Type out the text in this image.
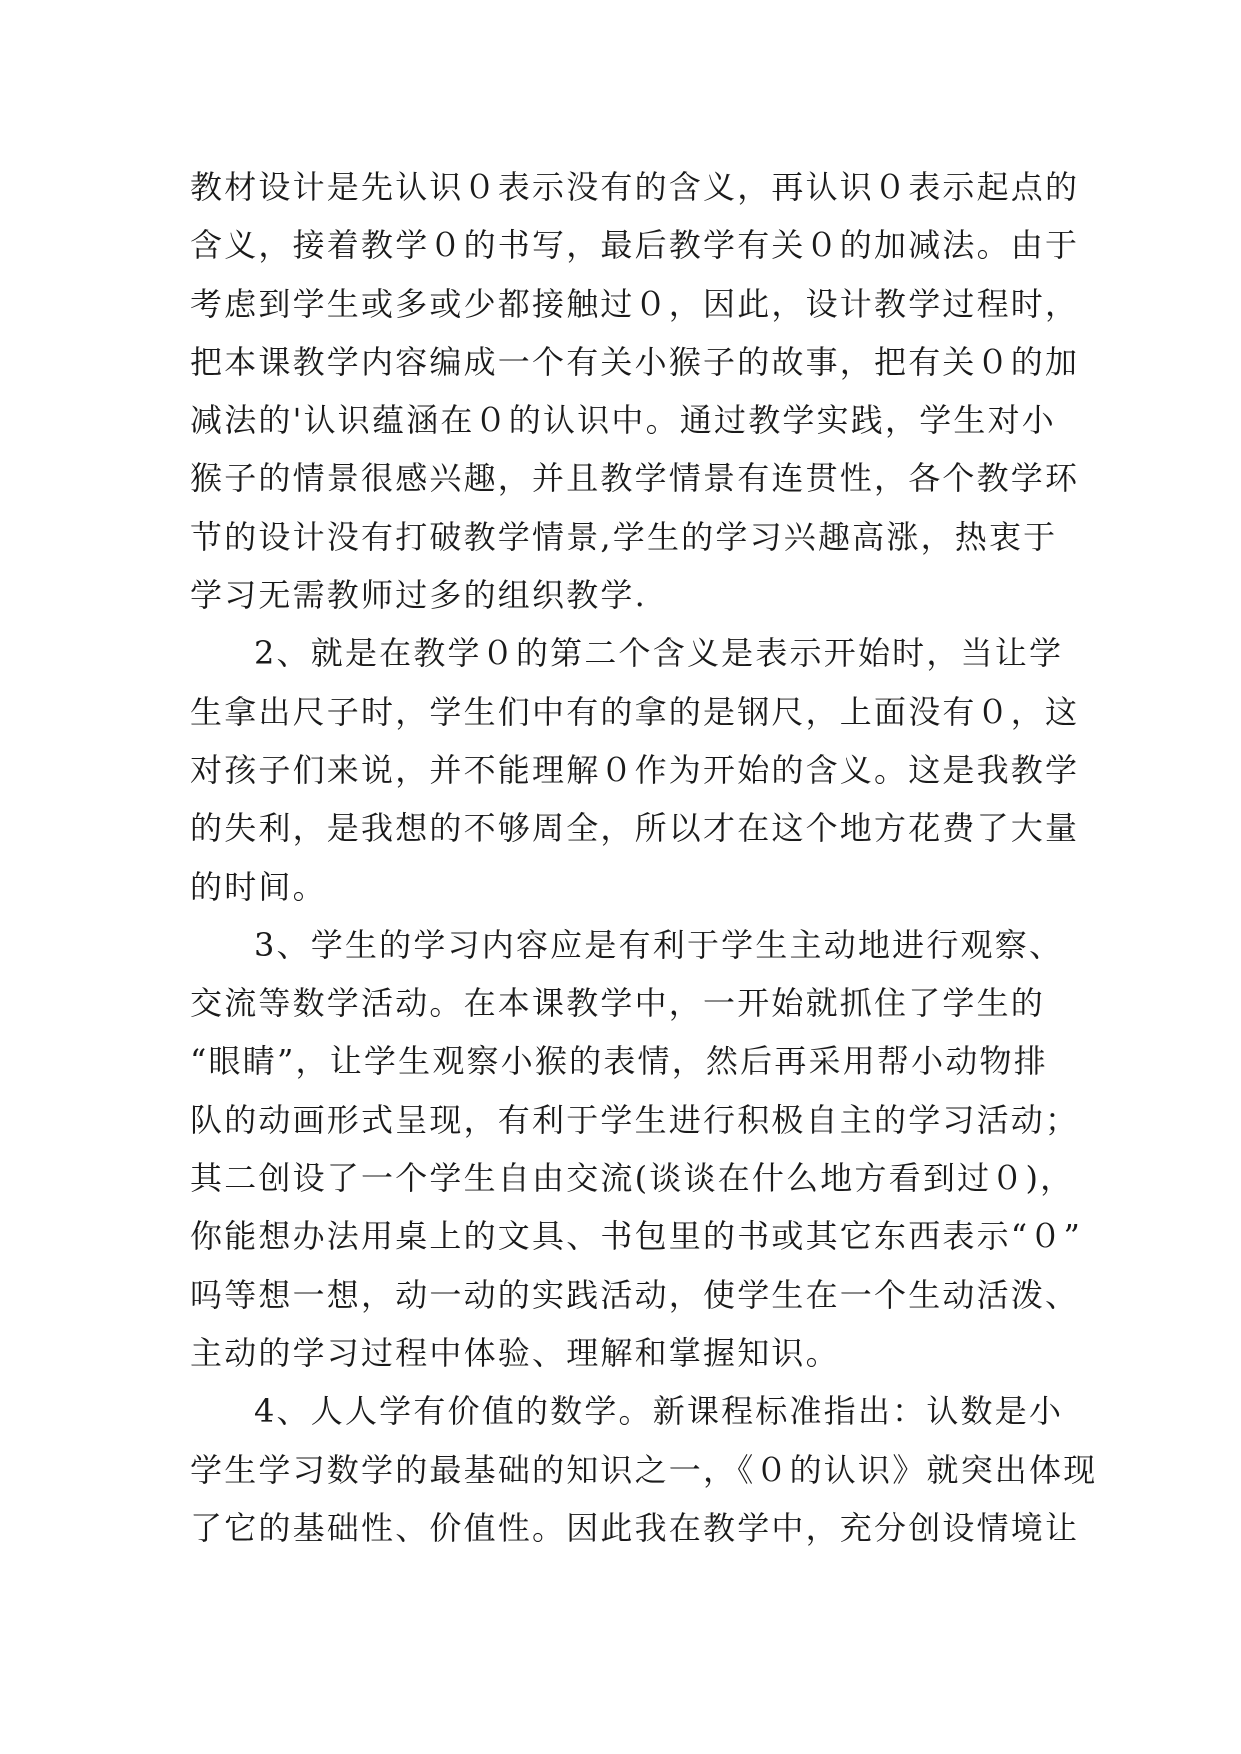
教材设计是先认识０表示没有的含义，再认识０表示起点的
含义，接着教学０的书写，最后教学有关０的加减法。由于
考虑到学生或多或少都接触过０，因此，设计教学过程时，
把本课教学内容编成一个有关小猴子的故事，把有关０的加
减法的'认识蕴涵在０的认识中。通过教学实践，学生对小
猴子的情景很感兴趣，并且教学情景有连贯性，各个教学环
节的设计没有打破教学情景,学生的学习兴趣高涨，热衷于
学习无需教师过多的组织教学.
2、就是在教学０的第二个含义是表示开始时，当让学
生拿出尺子时，学生们中有的拿的是钢尺，上面没有０，这
对孩子们来说，并不能理解０作为开始的含义。这是我教学
的失利，是我想的不够周全，所以才在这个地方花费了大量
的时间。
3、学生的学习内容应是有利于学生主动地进行观察、
交流等数学活动。在本课教学中，一开始就抓住了学生的
“眼睛”，让学生观察小猴的表情，然后再采用帮小动物排
队的动画形式呈现，有利于学生进行积极自主的学习活动；
其二创设了一个学生自由交流(谈谈在什么地方看到过０)，
你能想办法用桌上的文具、书包里的书或其它东西表示“０”
吗等想一想，动一动的实践活动，使学生在一个生动活泼、
主动的学习过程中体验、理解和掌握知识。
4、人人学有价值的数学。新课程标准指出：认数是小
学生学习数学的最基础的知识之一，《０的认识》就突出体现
了它的基础性、价值性。因此我在教学中，充分创设情境让
